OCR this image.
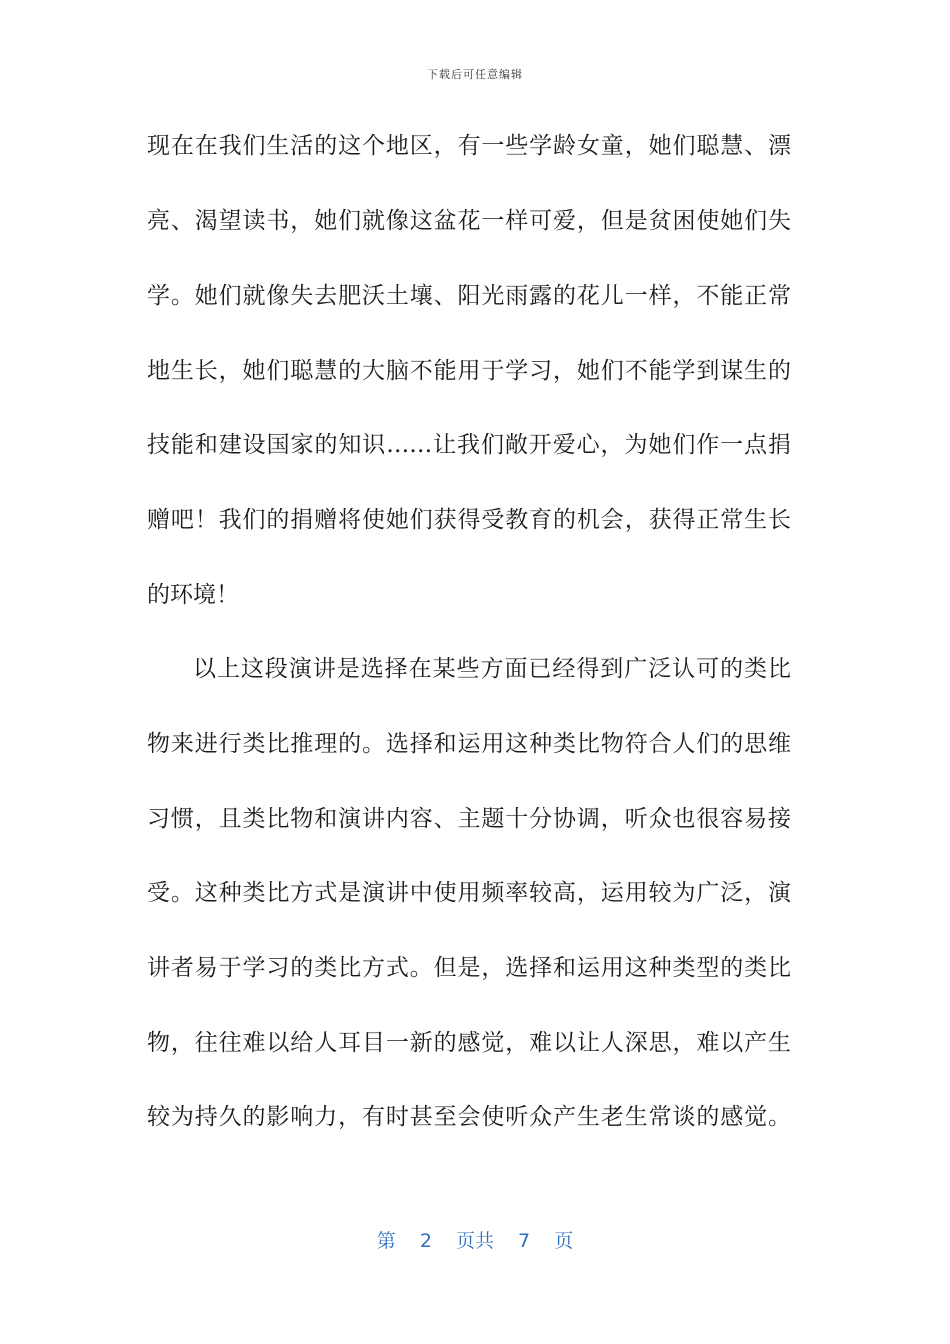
下载后可任意编辑
现在在我们生活的这个地区，有一些学龄女童，她们聪慧、漂
亮、渴望读书，她们就像这盆花一样可爱，但是贫困使她们失
学。她们就像失去肥沃土壤、阳光雨露的花儿一样，不能正常
地生长，她们聪慧的大脑不能用于学习，她们不能学到谋生的
技能和建设国家的知识……让我们敞开爱心，为她们作一点捐
赠吧！我们的捐赠将使她们获得受教育的机会，获得正常生长
的环境！
以上这段演讲是选择在某些方面已经得到广泛认可的类比
物来进行类比推理的。选择和运用这种类比物符合人们的思维
习惯，且类比物和演讲内容、主题十分协调，听众也很容易接
受。这种类比方式是演讲中使用频率较高，运用较为广泛，演
讲者易于学习的类比方式。但是，选择和运用这种类型的类比
物，往往难以给人耳目一新的感觉，难以让人深思，难以产生
较为持久的影响力，有时甚至会使听众产生老生常谈的感觉。
第 2 页共 7 页
